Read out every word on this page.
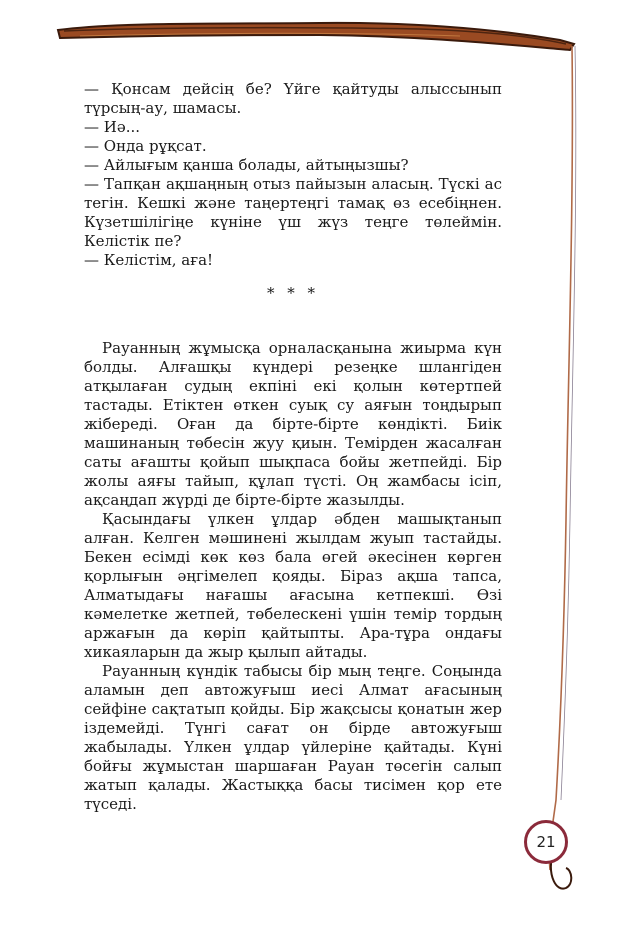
— Қонсам дейсің бе? Үйге қайтуды алыссынып түрсың-ау, шамасы.

— Иә...

— Онда рұқсат.

— Айлығым қанша болады, айтыңызшы?

— Тапқан ақшаңның отыз пайызын аласың. Түскі ас тегін. Кешкі және таңертеңгі тамақ өз есебіңнен. Күзетшілігіңе күніне үш жүз теңге төлеймін. Келістік пе?

— Келістім, аға!

* * *

Рауанның жұмысқа орналасқанына жиырма күн болды. Алғашқы күндері резеңке шлангіден атқылаған судың екпіні екі қолын көтертпей тастады. Етіктен өткен суық су аяғын тоңдырып жібереді. Оған да бірте-бірте көндікті. Биік машинаның төбесін жуу қиын. Темірден жасалған саты ағашты қойып шықпаса бойы жетпейді. Бір жолы аяғы тайып, құлап түсті. Оң жамбасы ісіп, ақсаңдап жүрді де бірте-бірте жазылды.

Қасындағы үлкен ұлдар әбден машықтанып алған. Келген мәшинені жылдам жуып тастайды. Бекен есімді көк көз бала өгей әкесінен көрген қорлығын әңгімелеп қояды. Біраз ақша тапса, Алматыдағы нағашы ағасына кетпекші. Өзі кәмелетке жетпей, төбелескені үшін темір тордың аржағын да көріп қайтыпты. Ара-тұра ондағы хикаяларын да жыр қылып айтады.

Рауанның күндік табысы бір мың теңге. Соңында аламын деп автожуғыш иесі Алмат ағасының сейфіне сақтатып қойды. Бір жақсысы қонатын жер іздемейді. Түнгі сағат он бірде автожуғыш жабылады. Үлкен ұлдар үйлеріне қайтады. Күні бойғы жұмыстан шаршаған Рауан төсегін салып жатып қалады. Жастыққа басы тисімен қор ете түседі.

21
